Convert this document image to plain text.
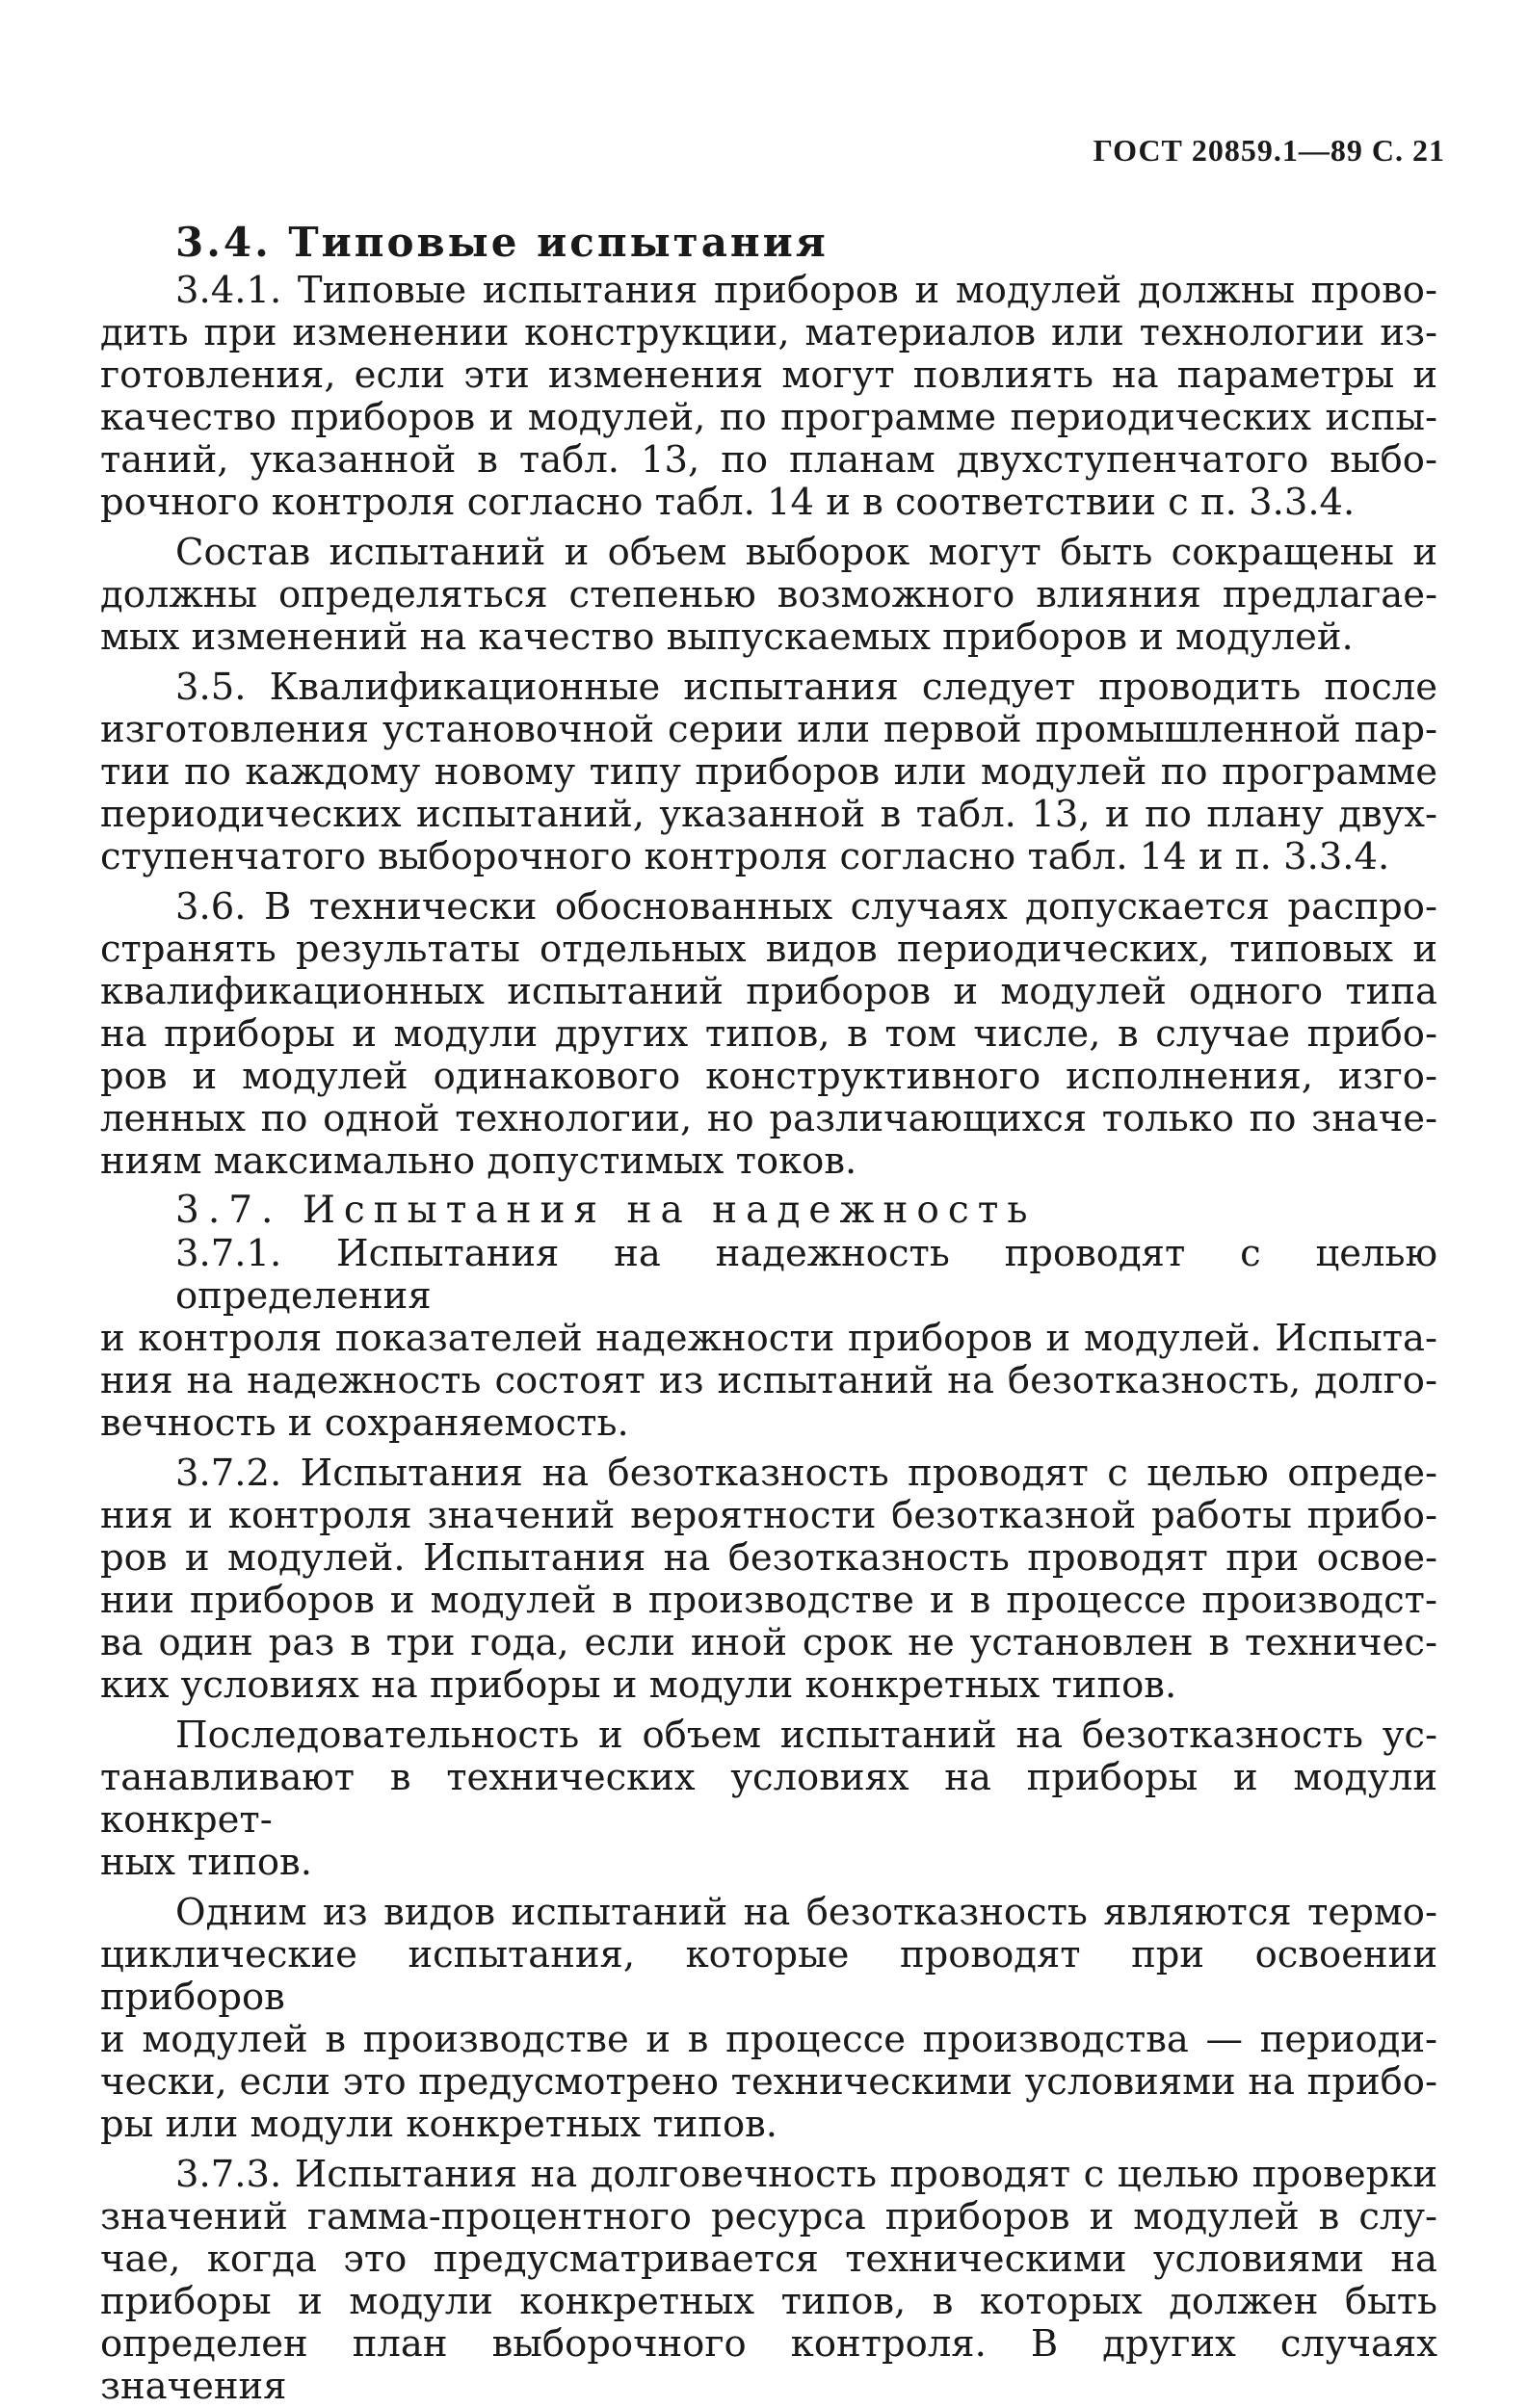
ГОСТ 20859.1—89 С. 21
3.4. Типовые испытания
3.4.1. Типовые испытания приборов и модулей должны прово-
дить при изменении конструкции, материалов или технологии из-
готовления, если эти изменения могут повлиять на параметры и
качество приборов и модулей, по программе периодических испы-
таний, указанной в табл. 13, по планам двухступенчатого выбо-
рочного контроля согласно табл. 14 и в соответствии с п. 3.3.4.
Состав испытаний и объем выборок могут быть сокращены и
должны определяться степенью возможного влияния предлагае-
мых изменений на качество выпускаемых приборов и модулей.
3.5. Квалификационные испытания следует проводить после
изготовления установочной серии или первой промышленной пар-
тии по каждому новому типу приборов или модулей по программе
периодических испытаний, указанной в табл. 13, и по плану двух-
ступенчатого выборочного контроля согласно табл. 14 и п. 3.3.4.
3.6. В технически обоснованных случаях допускается распро-
странять результаты отдельных видов периодических, типовых и
квалификационных испытаний приборов и модулей одного типа
на приборы и модули других типов, в том числе, в случае прибо-
ров и модулей одинакового конструктивного исполнения, изго-
ленных по одной технологии, но различающихся только по значе-
ниям максимально допустимых токов.
3.7. Испытания на надежность
3.7.1. Испытания на надежность проводят с целью определения
и контроля показателей надежности приборов и модулей. Испыта-
ния на надежность состоят из испытаний на безотказность, долго-
вечность и сохраняемость.
3.7.2. Испытания на безотказность проводят с целью опреде-
ния и контроля значений вероятности безотказной работы прибо-
ров и модулей. Испытания на безотказность проводят при освое-
нии приборов и модулей в производстве и в процессе производст-
ва один раз в три года, если иной срок не установлен в техничес-
ких условиях на приборы и модули конкретных типов.
Последовательность и объем испытаний на безотказность ус-
танавливают в технических условиях на приборы и модули конкрет-
ных типов.
Одним из видов испытаний на безотказность являются термо-
циклические испытания, которые проводят при освоении приборов
и модулей в производстве и в процессе производства — периоди-
чески, если это предусмотрено техническими условиями на прибо-
ры или модули конкретных типов.
3.7.3. Испытания на долговечность проводят с целью проверки
значений гамма-процентного ресурса приборов и модулей в слу-
чае, когда это предусматривается техническими условиями на
приборы и модули конкретных типов, в которых должен быть
определен план выборочного контроля. В других случаях значения
